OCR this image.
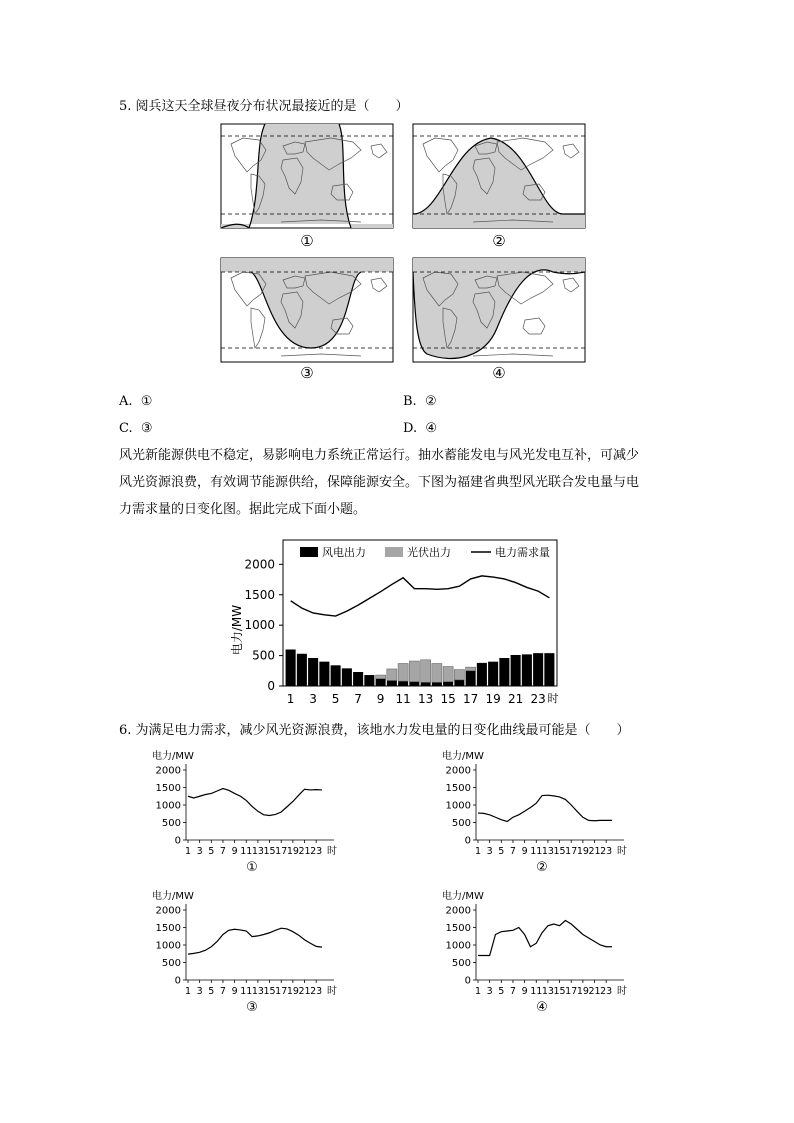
5. 阅兵这天全球昼夜分布状况最接近的是（　　）
①	②
③	④
A. ①	B. ②
C. ③	D. ④
风光新能源供电不稳定，易影响电力系统正常运行。抽水蓄能发电与风光发电互补，可减少
风光资源浪费，有效调节能源供给，保障能源安全。下图为福建省典型风光联合发电量与电
力需求量的日变化图。据此完成下面小题。
电力/MW
风电出力	光伏出力	电力需求量
0
500
1000
1500
2000
1 3 5 7 9 11 13 15 17 19 21 23 时
6. 为满足电力需求，减少风光资源浪费，该地水力发电量的日变化曲线最可能是（　　）
电力/MW
0
500
1000
1500
2000
1 3 5 7 9 11 13 15 17 19 21 23 时
①
电力/MW
0
500
1000
1500
2000
1 3 5 7 9 11 13 15 17 19 21 23 时
②
电力/MW
0
500
1000
1500
2000
1 3 5 7 9 11 13 15 17 19 21 23 时
③
电力/MW
0
500
1000
1500
2000
1 3 5 7 9 11 13 15 17 19 21 23 时
④
